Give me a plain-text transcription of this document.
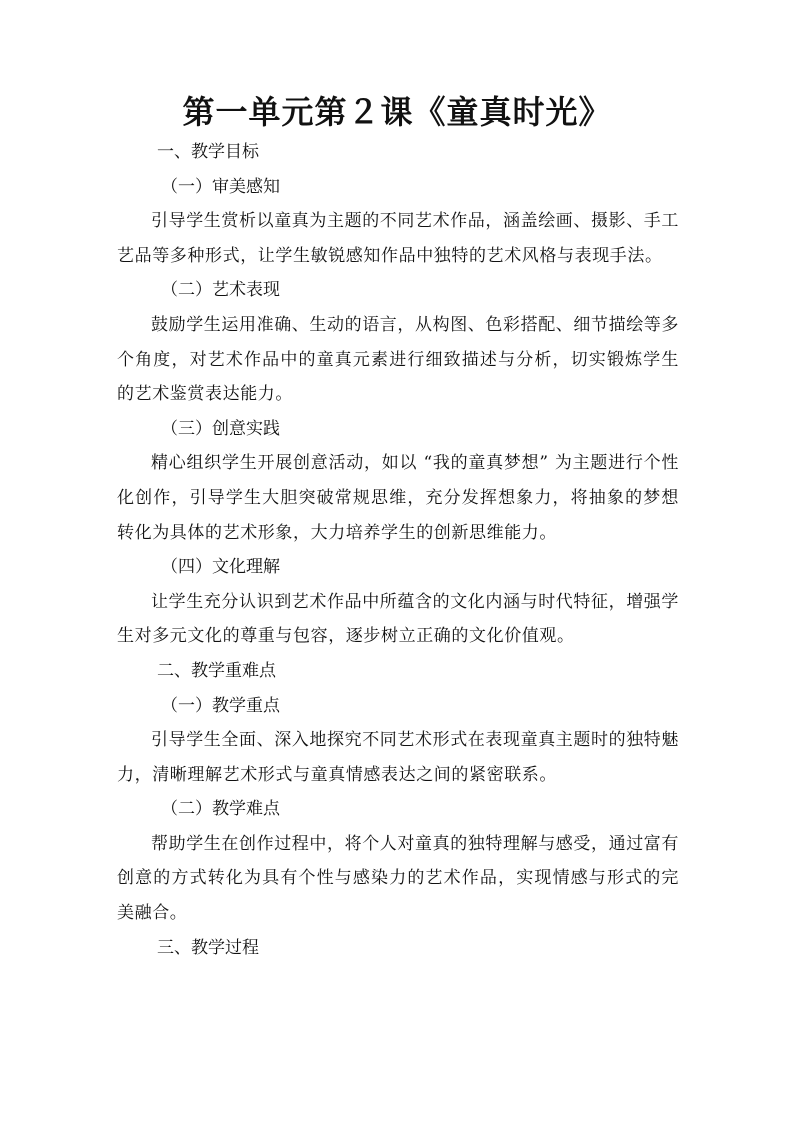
第一单元第２课《童真时光》

一、教学目标

（一）审美感知

引导学生赏析以童真为主题的不同艺术作品，涵盖绘画、摄影、手工艺品等多种形式，让学生敏锐感知作品中独特的艺术风格与表现手法。

（二）艺术表现

鼓励学生运用准确、生动的语言，从构图、色彩搭配、细节描绘等多个角度，对艺术作品中的童真元素进行细致描述与分析，切实锻炼学生的艺术鉴赏表达能力。

（三）创意实践

精心组织学生开展创意活动，如以 “我的童真梦想” 为主题进行个性化创作，引导学生大胆突破常规思维，充分发挥想象力，将抽象的梦想转化为具体的艺术形象，大力培养学生的创新思维能力。

（四）文化理解

让学生充分认识到艺术作品中所蕴含的文化内涵与时代特征，增强学生对多元文化的尊重与包容，逐步树立正确的文化价值观。

二、教学重难点

（一）教学重点

引导学生全面、深入地探究不同艺术形式在表现童真主题时的独特魅力，清晰理解艺术形式与童真情感表达之间的紧密联系。

（二）教学难点

帮助学生在创作过程中，将个人对童真的独特理解与感受，通过富有创意的方式转化为具有个性与感染力的艺术作品，实现情感与形式的完美融合。

三、教学过程
